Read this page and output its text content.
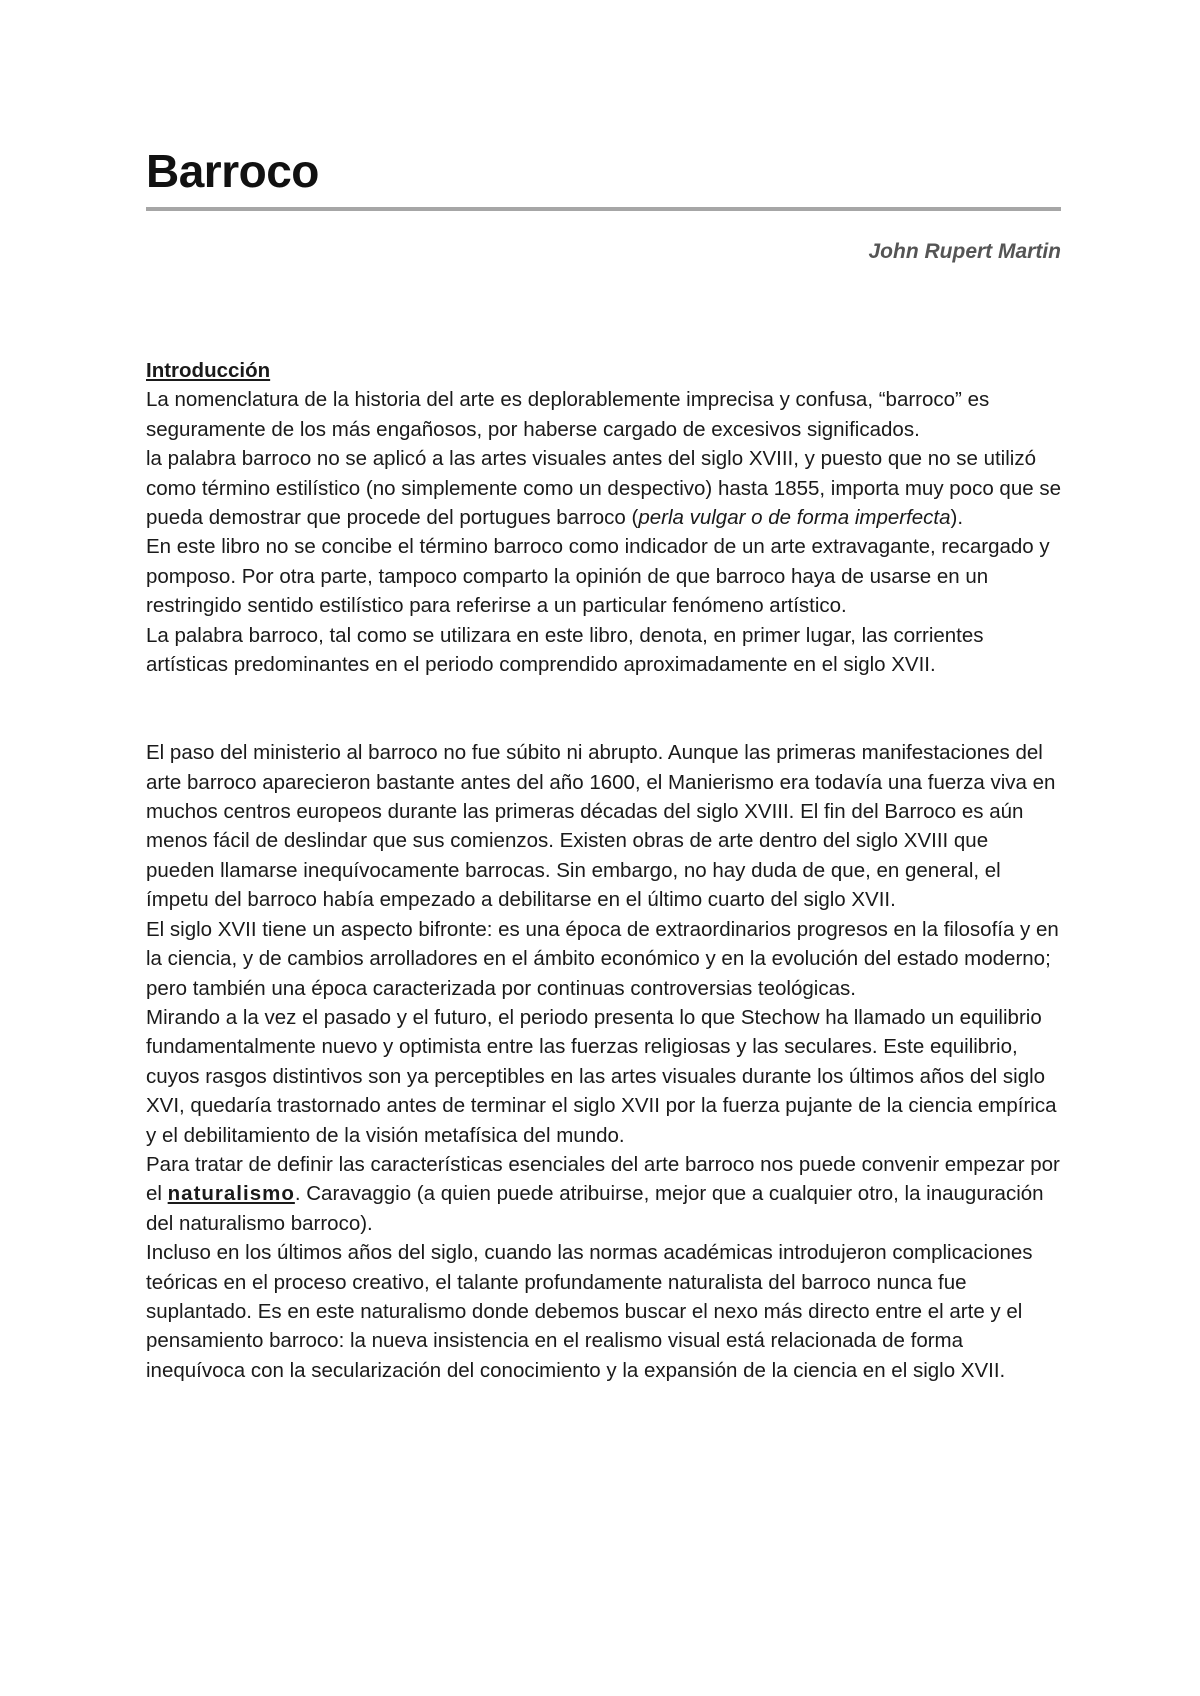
Barroco
John Rupert Martin

Introducción

La nomenclatura de la historia del arte es deplorablemente imprecisa y confusa, “barroco” es seguramente de los más engañosos, por haberse cargado de excesivos significados.

la palabra barroco no se aplicó a las artes visuales antes del siglo XVIII, y puesto que no se utilizó como término estilístico (no simplemente como un despectivo) hasta 1855, importa muy poco que se pueda demostrar que procede del portugues barroco (perla vulgar o de forma imperfecta).

En este libro no se concibe el término barroco como indicador de un arte extravagante, recargado y pomposo. Por otra parte, tampoco comparto la opinión de que barroco haya de usarse en un restringido sentido estilístico para referirse a un particular fenómeno artístico.

La palabra barroco, tal como se utilizara en este libro, denota, en primer lugar, las corrientes artísticas predominantes en el periodo comprendido aproximadamente en el siglo XVII.

El paso del ministerio al barroco no fue súbito ni abrupto. Aunque las primeras manifestaciones del arte barroco aparecieron bastante antes del año 1600, el Manierismo era todavía una fuerza viva en muchos centros europeos durante las primeras décadas del siglo XVIII. El fin del Barroco es aún menos fácil de deslindar que sus comienzos. Existen obras de arte dentro del siglo XVIII que pueden llamarse inequívocamente barrocas. Sin embargo, no hay duda de que, en general, el ímpetu del barroco había empezado a debilitarse en el último cuarto del siglo XVII.

El siglo XVII tiene un aspecto bifronte: es una época de extraordinarios progresos en la filosofía y en la ciencia, y de cambios arrolladores en el ámbito económico y en la evolución del estado moderno; pero también una época caracterizada por continuas controversias teológicas.

Mirando a la vez el pasado y el futuro, el periodo presenta lo que Stechow ha llamado un equilibrio fundamentalmente nuevo y optimista entre las fuerzas religiosas y las seculares. Este equilibrio, cuyos rasgos distintivos son ya perceptibles en las artes visuales durante los últimos años del siglo XVI, quedaría trastornado antes de terminar el siglo XVII por la fuerza pujante de la ciencia empírica y el debilitamiento de la visión metafísica del mundo.

Para tratar de definir las características esenciales del arte barroco nos puede convenir empezar por el naturalismo. Caravaggio (a quien puede atribuirse, mejor que a cualquier otro, la inauguración del naturalismo barroco).

Incluso en los últimos años del siglo, cuando las normas académicas introdujeron complicaciones teóricas en el proceso creativo, el talante profundamente naturalista del barroco nunca fue suplantado. Es en este naturalismo donde debemos buscar el nexo más directo entre el arte y el pensamiento barroco: la nueva insistencia en el realismo visual está relacionada de forma inequívoca con la secularización del conocimiento y la expansión de la ciencia en el siglo XVII.
